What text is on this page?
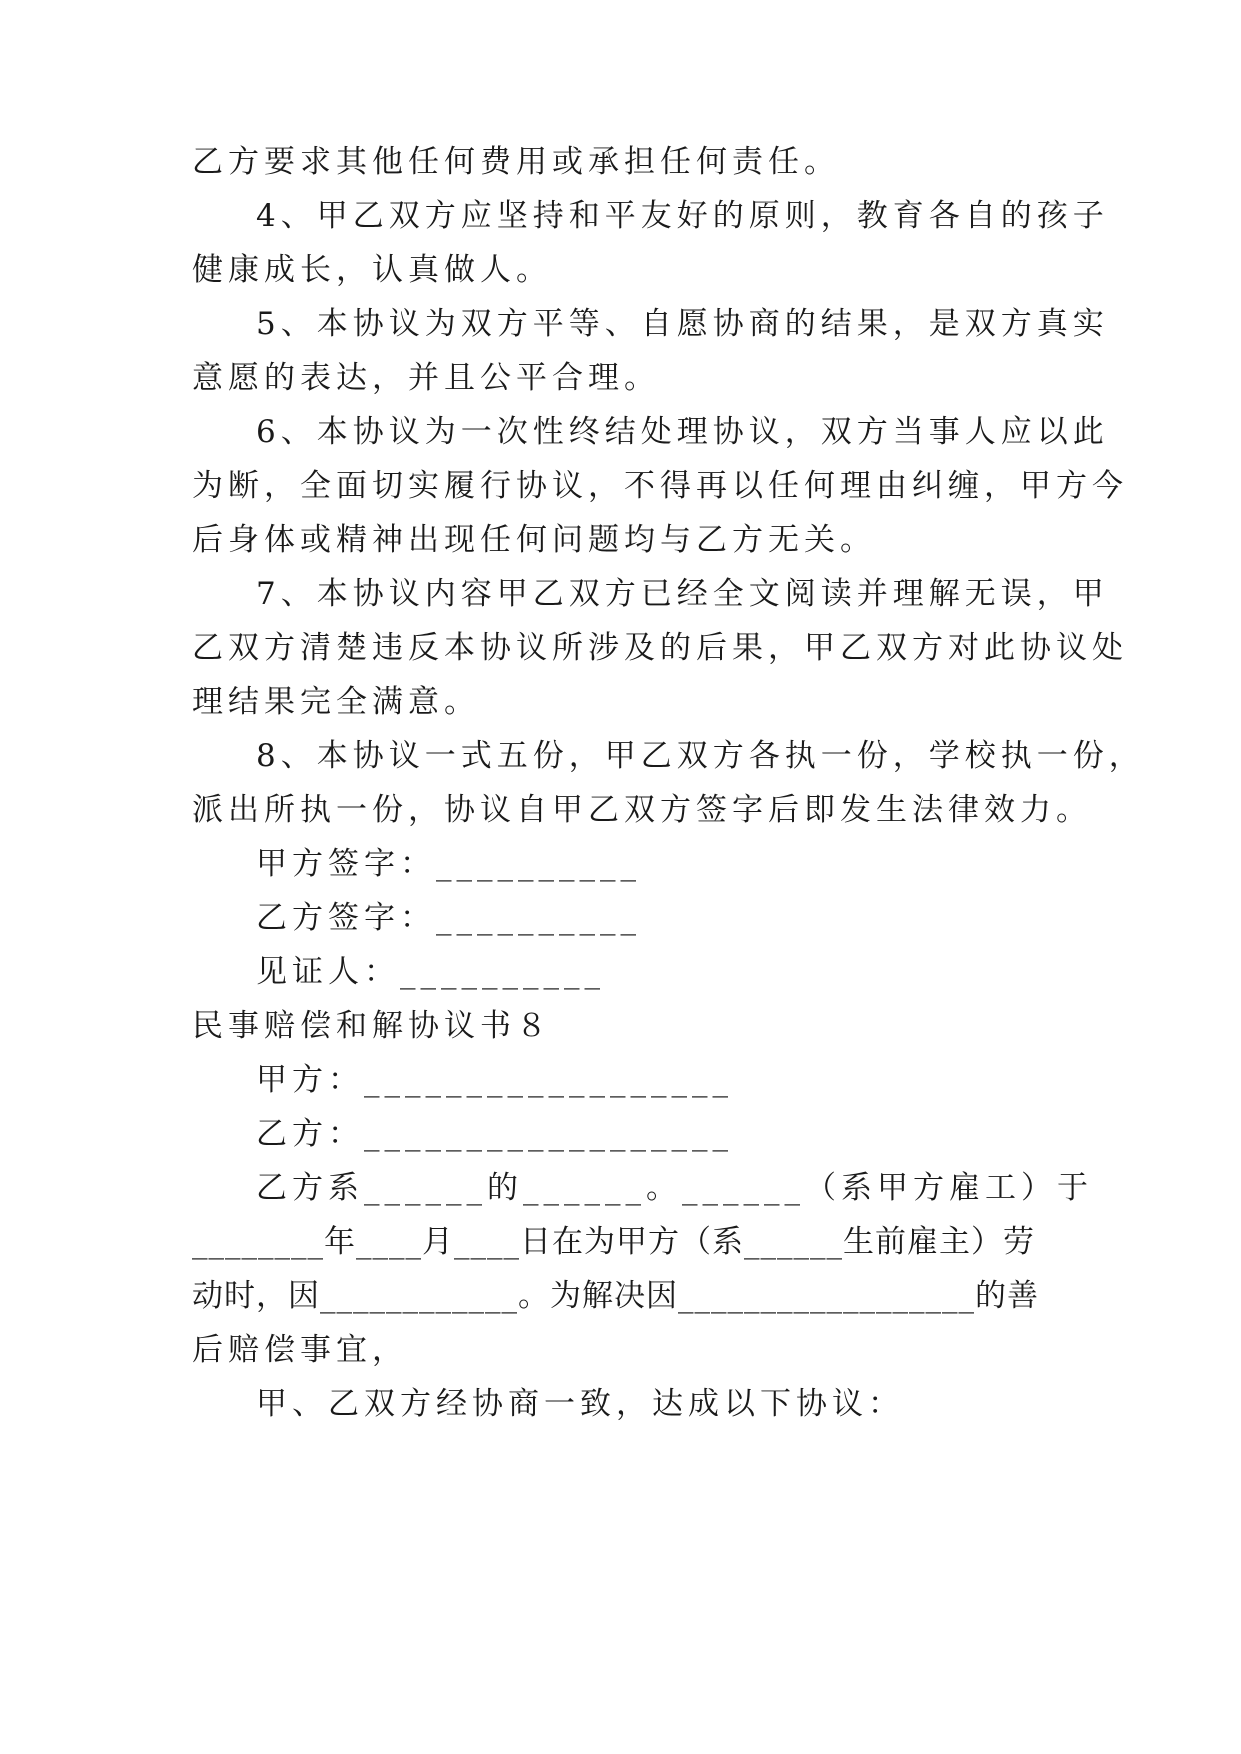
乙方要求其他任何费用或承担任何责任。
4、甲乙双方应坚持和平友好的原则，教育各自的孩子
健康成长，认真做人。
5、本协议为双方平等、自愿协商的结果，是双方真实
意愿的表达，并且公平合理。
6、本协议为一次性终结处理协议，双方当事人应以此
为断，全面切实履行协议，不得再以任何理由纠缠，甲方今
后身体或精神出现任何问题均与乙方无关。
7、本协议内容甲乙双方已经全文阅读并理解无误，甲
乙双方清楚违反本协议所涉及的后果，甲乙双方对此协议处
理结果完全满意。
8、本协议一式五份，甲乙双方各执一份，学校执一份，
派出所执一份，协议自甲乙双方签字后即发生法律效力。
甲方签字：__________
乙方签字：__________
见证人：__________
民事赔偿和解协议书８
甲方：__________________
乙方：__________________
乙方系______的______。______（系甲方雇工）于
________年____月____日在为甲方（系______生前雇主）劳
动时，因____________。为解决因__________________的善
后赔偿事宜，
甲、乙双方经协商一致，达成以下协议：
